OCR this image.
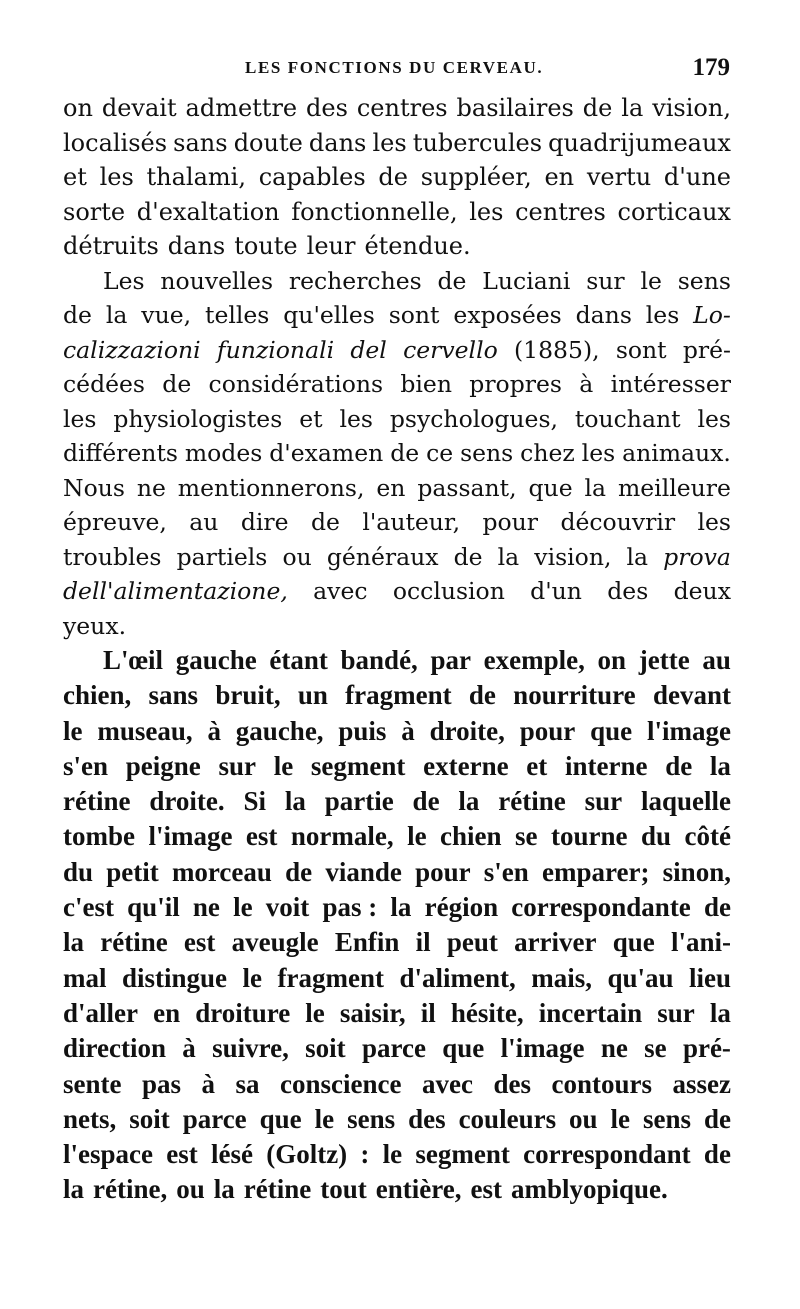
LES FONCTIONS DU CERVEAU.	179
on devait admettre des centres basilaires de la vision,
localisés sans doute dans les tubercules quadrijumeaux
et les thalami, capables de suppléer, en vertu d'une
sorte d'exaltation fonctionnelle, les centres corticaux
détruits dans toute leur étendue.
Les nouvelles recherches de Luciani sur le sens
de la vue, telles qu'elles sont exposées dans les Lo-
calizzazioni funzionali del cervello (1885), sont pré-
cédées de considérations bien propres à intéresser
les physiologistes et les psychologues, touchant les
différents modes d'examen de ce sens chez les animaux.
Nous ne mentionnerons, en passant, que la meilleure
épreuve, au dire de l'auteur, pour découvrir les
troubles partiels ou généraux de la vision, la prova
dell'alimentazione, avec occlusion d'un des deux
yeux.
L'œil gauche étant bandé, par exemple, on jette au
chien, sans bruit, un fragment de nourriture devant
le museau, à gauche, puis à droite, pour que l'image
s'en peigne sur le segment externe et interne de la
rétine droite. Si la partie de la rétine sur laquelle
tombe l'image est normale, le chien se tourne du côté
du petit morceau de viande pour s'en emparer; sinon,
c'est qu'il ne le voit pas : la région correspondante de
la rétine est aveugle Enfin il peut arriver que l'ani-
mal distingue le fragment d'aliment, mais, qu'au lieu
d'aller en droiture le saisir, il hésite, incertain sur la
direction à suivre, soit parce que l'image ne se pré-
sente pas à sa conscience avec des contours assez
nets, soit parce que le sens des couleurs ou le sens de
l'espace est lésé (Goltz) : le segment correspondant de
la rétine, ou la rétine tout entière, est amblyopique.
